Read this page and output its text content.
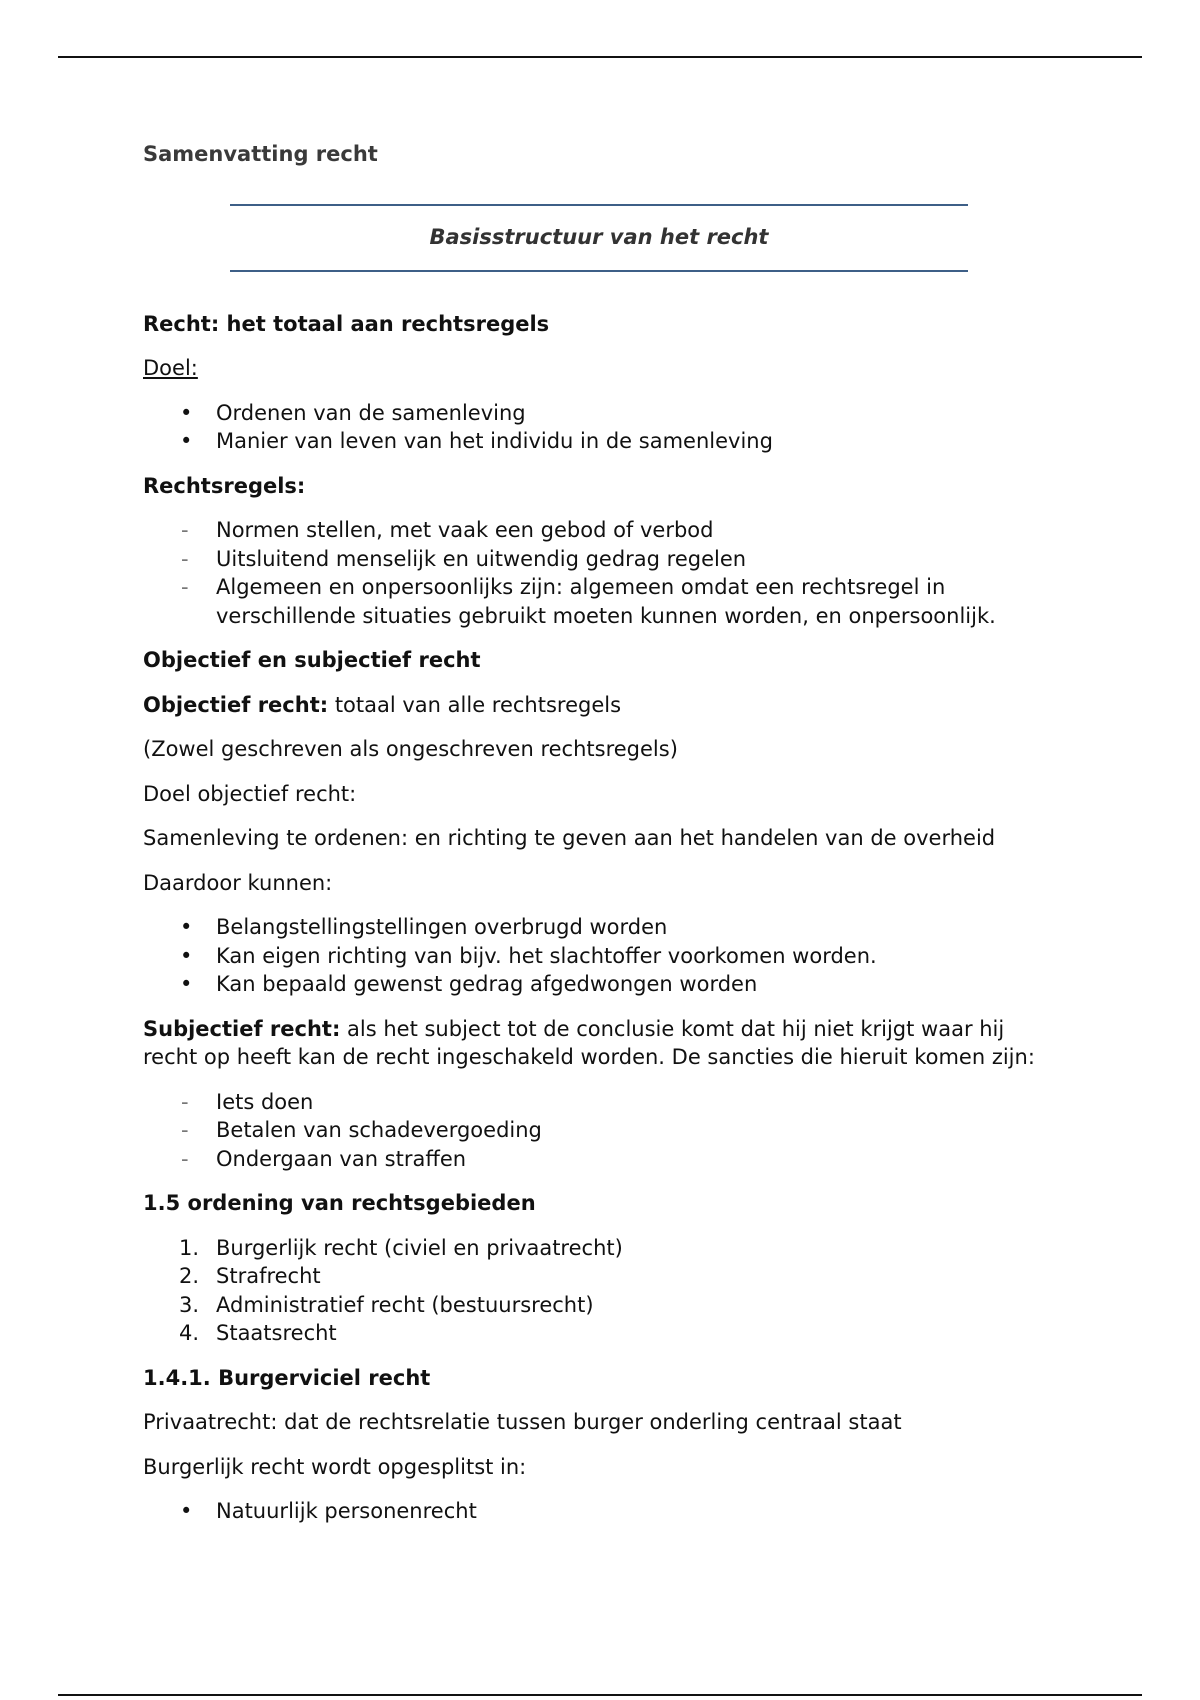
Samenvatting recht

Basisstructuur van het recht

Recht: het totaal aan rechtsregels

Doel:

• Ordenen van de samenleving
• Manier van leven van het individu in de samenleving

Rechtsregels:

- Normen stellen, met vaak een gebod of verbod
- Uitsluitend menselijk en uitwendig gedrag regelen
- Algemeen en onpersoonlijks zijn: algemeen omdat een rechtsregel in verschillende situaties gebruikt moeten kunnen worden, en onpersoonlijk.

Objectief en subjectief recht

Objectief recht: totaal van alle rechtsregels

(Zowel geschreven als ongeschreven rechtsregels)

Doel objectief recht:

Samenleving te ordenen: en richting te geven aan het handelen van de overheid

Daardoor kunnen:

• Belangstellingstellingen overbrugd worden
• Kan eigen richting van bijv. het slachtoffer voorkomen worden.
• Kan bepaald gewenst gedrag afgedwongen worden

Subjectief recht: als het subject tot de conclusie komt dat hij niet krijgt waar hij recht op heeft kan de recht ingeschakeld worden. De sancties die hieruit komen zijn:

- Iets doen
- Betalen van schadevergoeding
- Ondergaan van straffen

1.5 ordening van rechtsgebieden

1. Burgerlijk recht (civiel en privaatrecht)
2. Strafrecht
3. Administratief recht (bestuursrecht)
4. Staatsrecht

1.4.1. Burgerviciel recht

Privaatrecht: dat de rechtsrelatie tussen burger onderling centraal staat

Burgerlijk recht wordt opgesplitst in:

• Natuurlijk personenrecht
